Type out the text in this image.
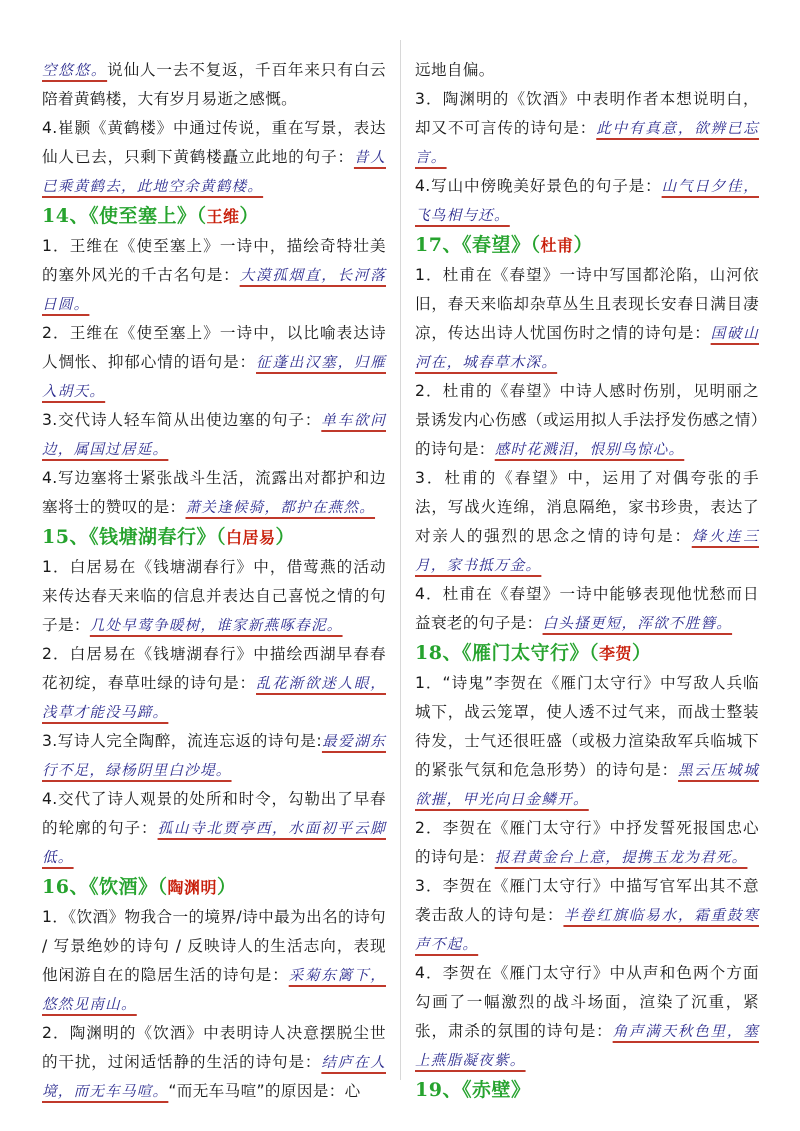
空悠悠。说仙人一去不复返，千百年来只有白云陪着黄鹤楼，大有岁月易逝之感慨。

4.崔颢《黄鹤楼》中通过传说，重在写景，表达仙人已去，只剩下黄鹤楼矗立此地的句子：昔人已乘黄鹤去，此地空余黄鹤楼。

14、《使至塞上》（王维）

1．王维在《使至塞上》一诗中，描绘奇特壮美的塞外风光的千古名句是：大漠孤烟直，长河落日圆。

2．王维在《使至塞上》一诗中，以比喻表达诗人惆怅、抑郁心情的语句是：征蓬出汉塞，归雁入胡天。

3.交代诗人轻车简从出使边塞的句子：单车欲问边，属国过居延。

4.写边塞将士紧张战斗生活，流露出对都护和边塞将士的赞叹的是：萧关逢候骑，都护在燕然。

15、《钱塘湖春行》（白居易）

1．白居易在《钱塘湖春行》中，借莺燕的活动来传达春天来临的信息并表达自己喜悦之情的句子是：几处早莺争暖树，谁家新燕啄春泥。

2．白居易在《钱塘湖春行》中描绘西湖早春春花初绽，春草吐绿的诗句是：乱花渐欲迷人眼，浅草才能没马蹄。

3.写诗人完全陶醉，流连忘返的诗句是:最爱湖东行不足，绿杨阴里白沙堤。

4.交代了诗人观景的处所和时令，勾勒出了早春的轮廓的句子：孤山寺北贾亭西，水面初平云脚低。

16、《饮酒》（陶渊明）

1．《饮酒》物我合一的境界/诗中最为出名的诗句 / 写景绝妙的诗句 / 反映诗人的生活志向，表现他闲游自在的隐居生活的诗句是：采菊东篱下，悠然见南山。

2．陶渊明的《饮酒》中表明诗人决意摆脱尘世的干扰，过闲适恬静的生活的诗句是：结庐在人境，而无车马喧。“而无车马喧”的原因是：心

远地自偏。

3．陶渊明的《饮酒》中表明作者本想说明白，却又不可言传的诗句是：此中有真意，欲辨已忘言。

4.写山中傍晚美好景色的句子是：山气日夕佳，飞鸟相与还。

17、《春望》（杜甫）

1．杜甫在《春望》一诗中写国都沦陷，山河依旧，春天来临却杂草丛生且表现长安春日满目凄凉，传达出诗人忧国伤时之情的诗句是：国破山河在，城春草木深。

2．杜甫的《春望》中诗人感时伤别，见明丽之景诱发内心伤感（或运用拟人手法抒发伤感之情）的诗句是：感时花溅泪，恨别鸟惊心。

3．杜甫的《春望》中，运用了对偶夸张的手法，写战火连绵，消息隔绝，家书珍贵，表达了对亲人的强烈的思念之情的诗句是：烽火连三月，家书抵万金。

4．杜甫在《春望》一诗中能够表现他忧愁而日益衰老的句子是：白头搔更短，浑欲不胜簪。

18、《雁门太守行》（李贺）

1．“诗鬼”李贺在《雁门太守行》中写敌人兵临城下，战云笼罩，使人透不过气来，而战士整装待发，士气还很旺盛（或极力渲染敌军兵临城下的紧张气氛和危急形势）的诗句是：黑云压城城欲摧，甲光向日金鳞开。

2．李贺在《雁门太守行》中抒发誓死报国忠心的诗句是：报君黄金台上意，提携玉龙为君死。

3．李贺在《雁门太守行》中描写官军出其不意袭击敌人的诗句是：半卷红旗临易水，霜重鼓寒声不起。

4．李贺在《雁门太守行》中从声和色两个方面勾画了一幅激烈的战斗场面，渲染了沉重，紧张，肃杀的氛围的诗句是：角声满天秋色里，塞上燕脂凝夜紫。

19、《赤壁》
